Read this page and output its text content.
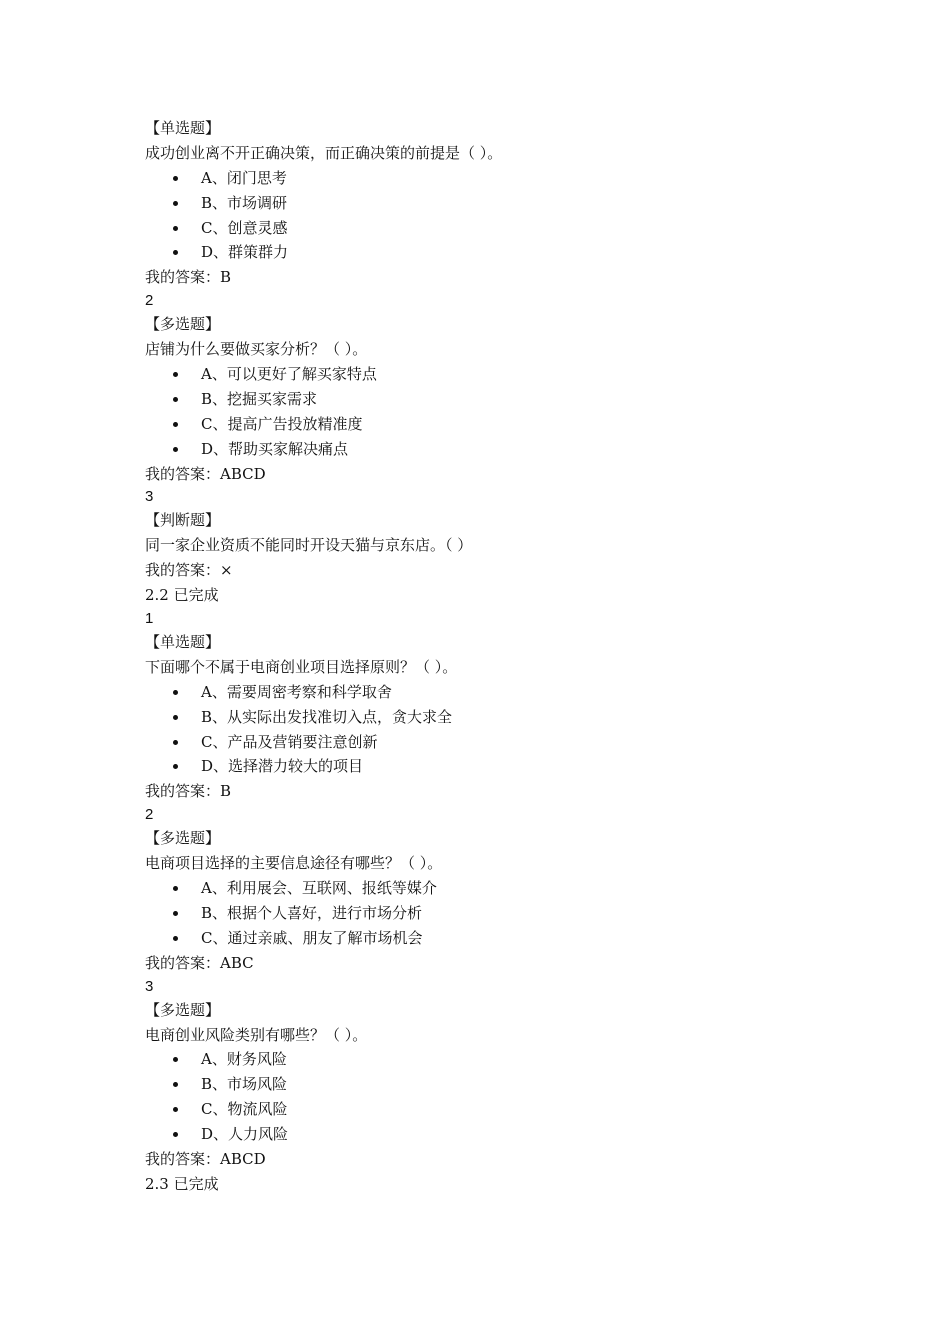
【单选题】
成功创业离不开正确决策，而正确决策的前提是（ ）。
A、闭门思考
B、市场调研
C、创意灵感
D、群策群力
我的答案：B
2
【多选题】
店铺为什么要做买家分析？（ ）。
A、可以更好了解买家特点
B、挖掘买家需求
C、提高广告投放精准度
D、帮助买家解决痛点
我的答案：ABCD
3
【判断题】
同一家企业资质不能同时开设天猫与京东店。（ ）
我的答案：×
2.2 已完成
1
【单选题】
下面哪个不属于电商创业项目选择原则？（ ）。
A、需要周密考察和科学取舍
B、从实际出发找准切入点，贪大求全
C、产品及营销要注意创新
D、选择潜力较大的项目
我的答案：B
2
【多选题】
电商项目选择的主要信息途径有哪些？（ ）。
A、利用展会、互联网、报纸等媒介
B、根据个人喜好，进行市场分析
C、通过亲戚、朋友了解市场机会
我的答案：ABC
3
【多选题】
电商创业风险类别有哪些？（ ）。
A、财务风险
B、市场风险
C、物流风险
D、人力风险
我的答案：ABCD
2.3 已完成
